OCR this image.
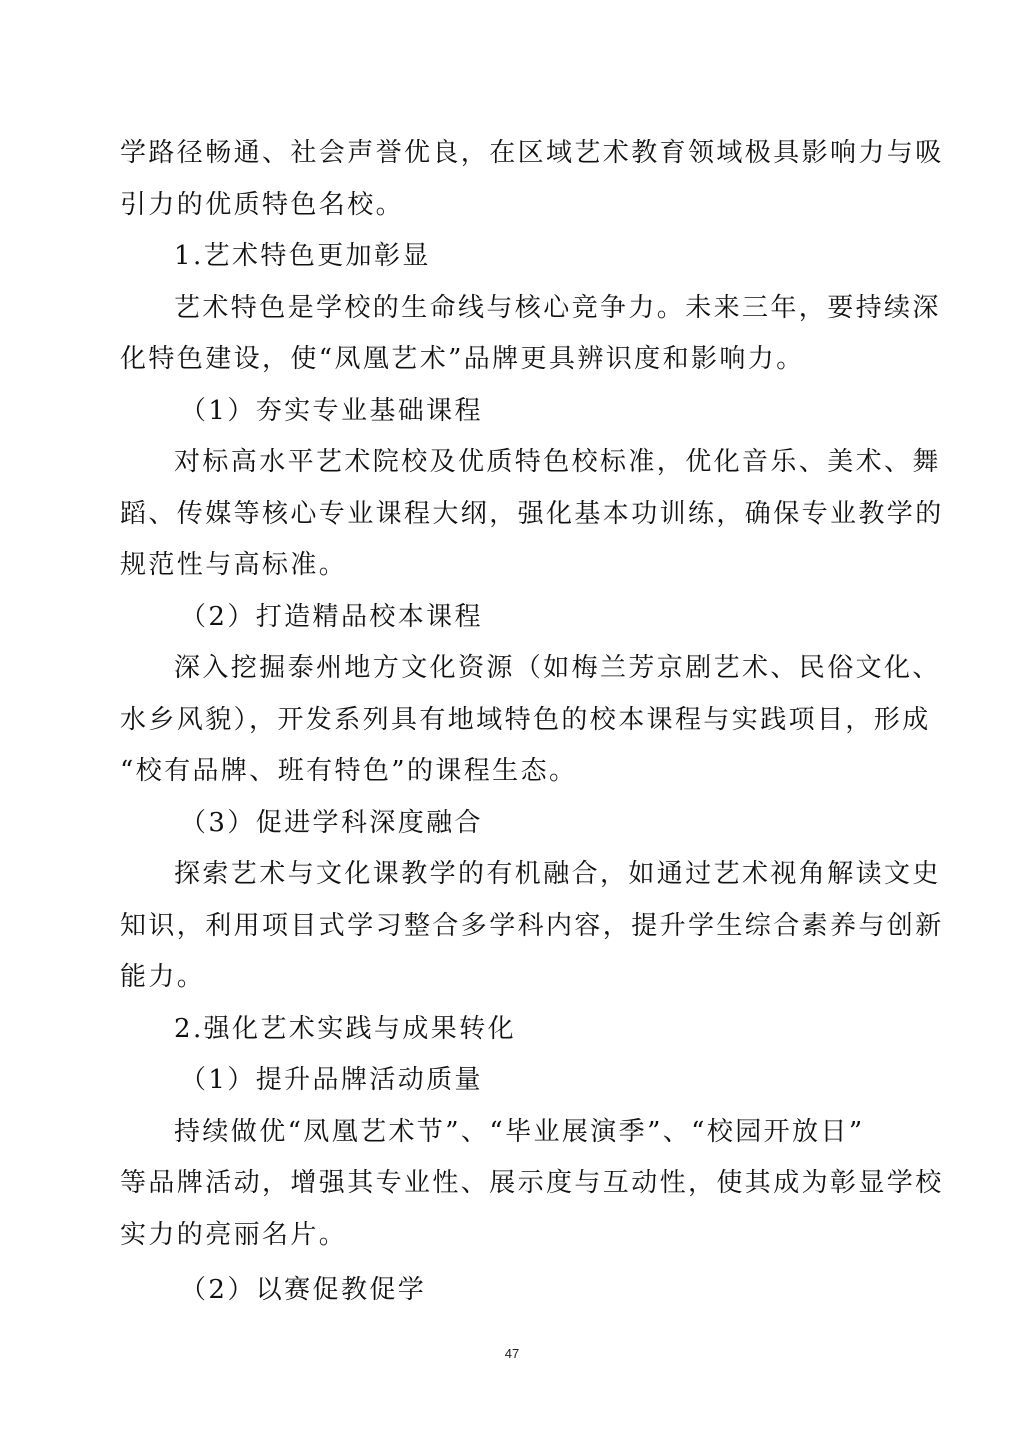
学路径畅通、社会声誉优良，在区域艺术教育领域极具影响力与吸
引力的优质特色名校。
1.艺术特色更加彰显
艺术特色是学校的生命线与核心竞争力。未来三年，要持续深
化特色建设，使“凤凰艺术”品牌更具辨识度和影响力。
（1）夯实专业基础课程
对标高水平艺术院校及优质特色校标准，优化音乐、美术、舞
蹈、传媒等核心专业课程大纲，强化基本功训练，确保专业教学的
规范性与高标准。
（2）打造精品校本课程
深入挖掘泰州地方文化资源（如梅兰芳京剧艺术、民俗文化、
水乡风貌），开发系列具有地域特色的校本课程与实践项目，形成
“校有品牌、班有特色”的课程生态。
（3）促进学科深度融合
探索艺术与文化课教学的有机融合，如通过艺术视角解读文史
知识，利用项目式学习整合多学科内容，提升学生综合素养与创新
能力。
2.强化艺术实践与成果转化
（1）提升品牌活动质量
持续做优“凤凰艺术节”、“毕业展演季”、“校园开放日”
等品牌活动，增强其专业性、展示度与互动性，使其成为彰显学校
实力的亮丽名片。
（2）以赛促教促学
47
